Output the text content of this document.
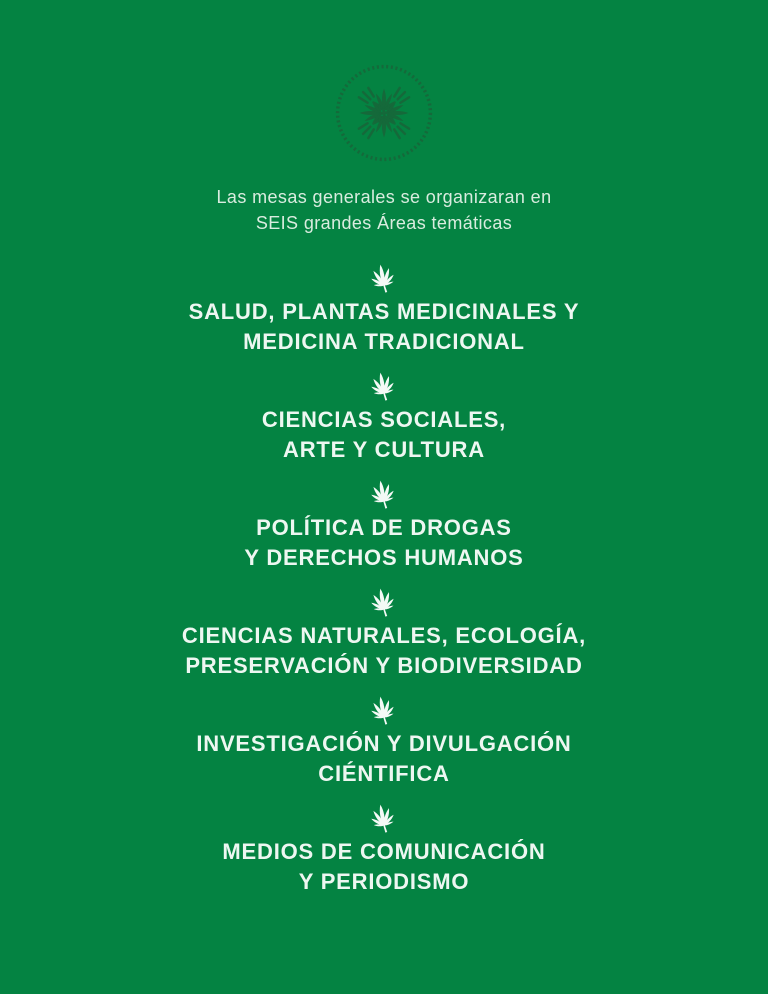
Las mesas generales se organizaran en
SEIS grandes Áreas temáticas

SALUD, PLANTAS MEDICINALES Y
MEDICINA TRADICIONAL
CIENCIAS SOCIALES,
ARTE Y CULTURA
POLÍTICA DE DROGAS
Y DERECHOS HUMANOS
CIENCIAS NATURALES, ECOLOGÍA,
PRESERVACIÓN Y BIODIVERSIDAD
INVESTIGACIÓN Y DIVULGACIÓN
CIÉNTIFICA
MEDIOS DE COMUNICACIÓN
Y PERIODISMO
